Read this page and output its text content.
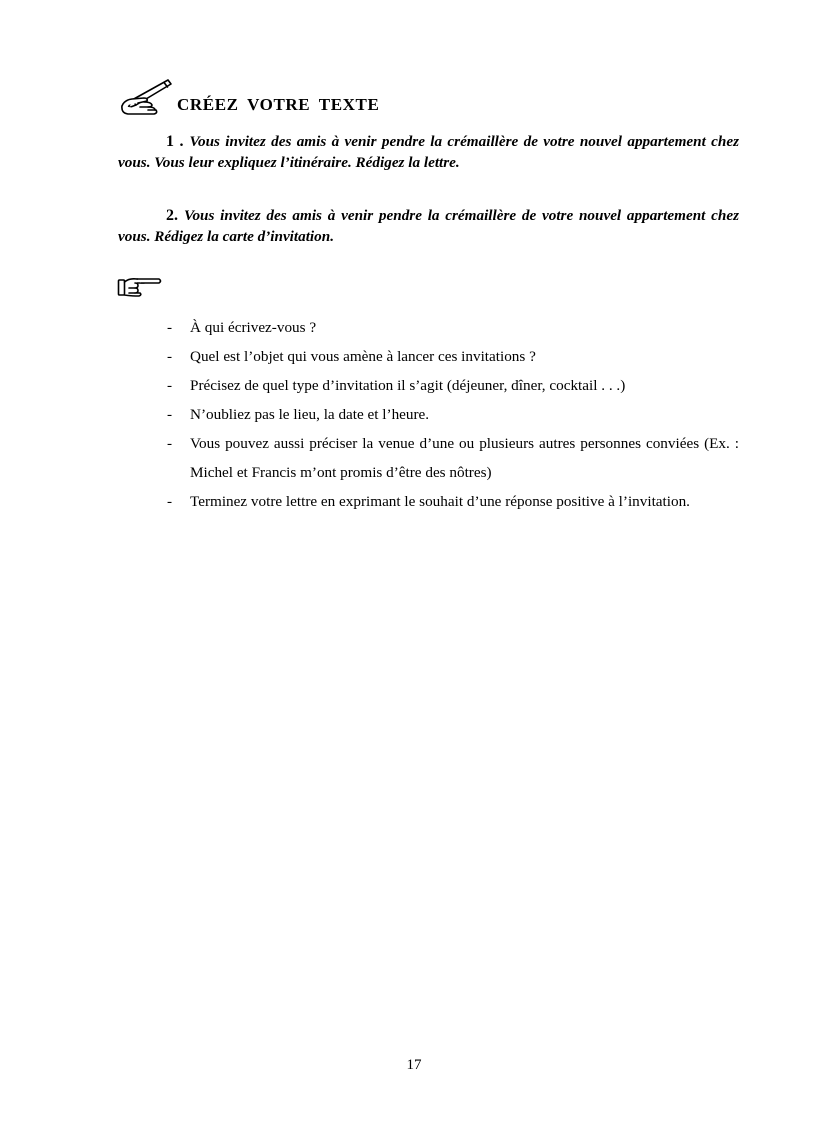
CRÉEZ VOTRE TEXTE
1 . Vous invitez des amis à venir pendre la crémaillère de votre nouvel appartement chez vous. Vous leur expliquez l’itinéraire. Rédigez la lettre.
2. Vous invitez des amis à venir pendre la crémaillère de votre nouvel appartement chez vous. Rédigez la carte d’invitation.
- À qui écrivez-vous ?
- Quel est l’objet qui vous amène à lancer ces invitations ?
- Précisez de quel type d’invitation il s’agit (déjeuner, dîner, cocktail . . .)
- N’oubliez pas le lieu, la date et l’heure.
- Vous pouvez aussi préciser la venue d’une ou plusieurs autres personnes conviées (Ex. : Michel et Francis m’ont promis d’être des nôtres)
- Terminez votre lettre en exprimant le souhait d’une réponse positive à l’invitation.
17
